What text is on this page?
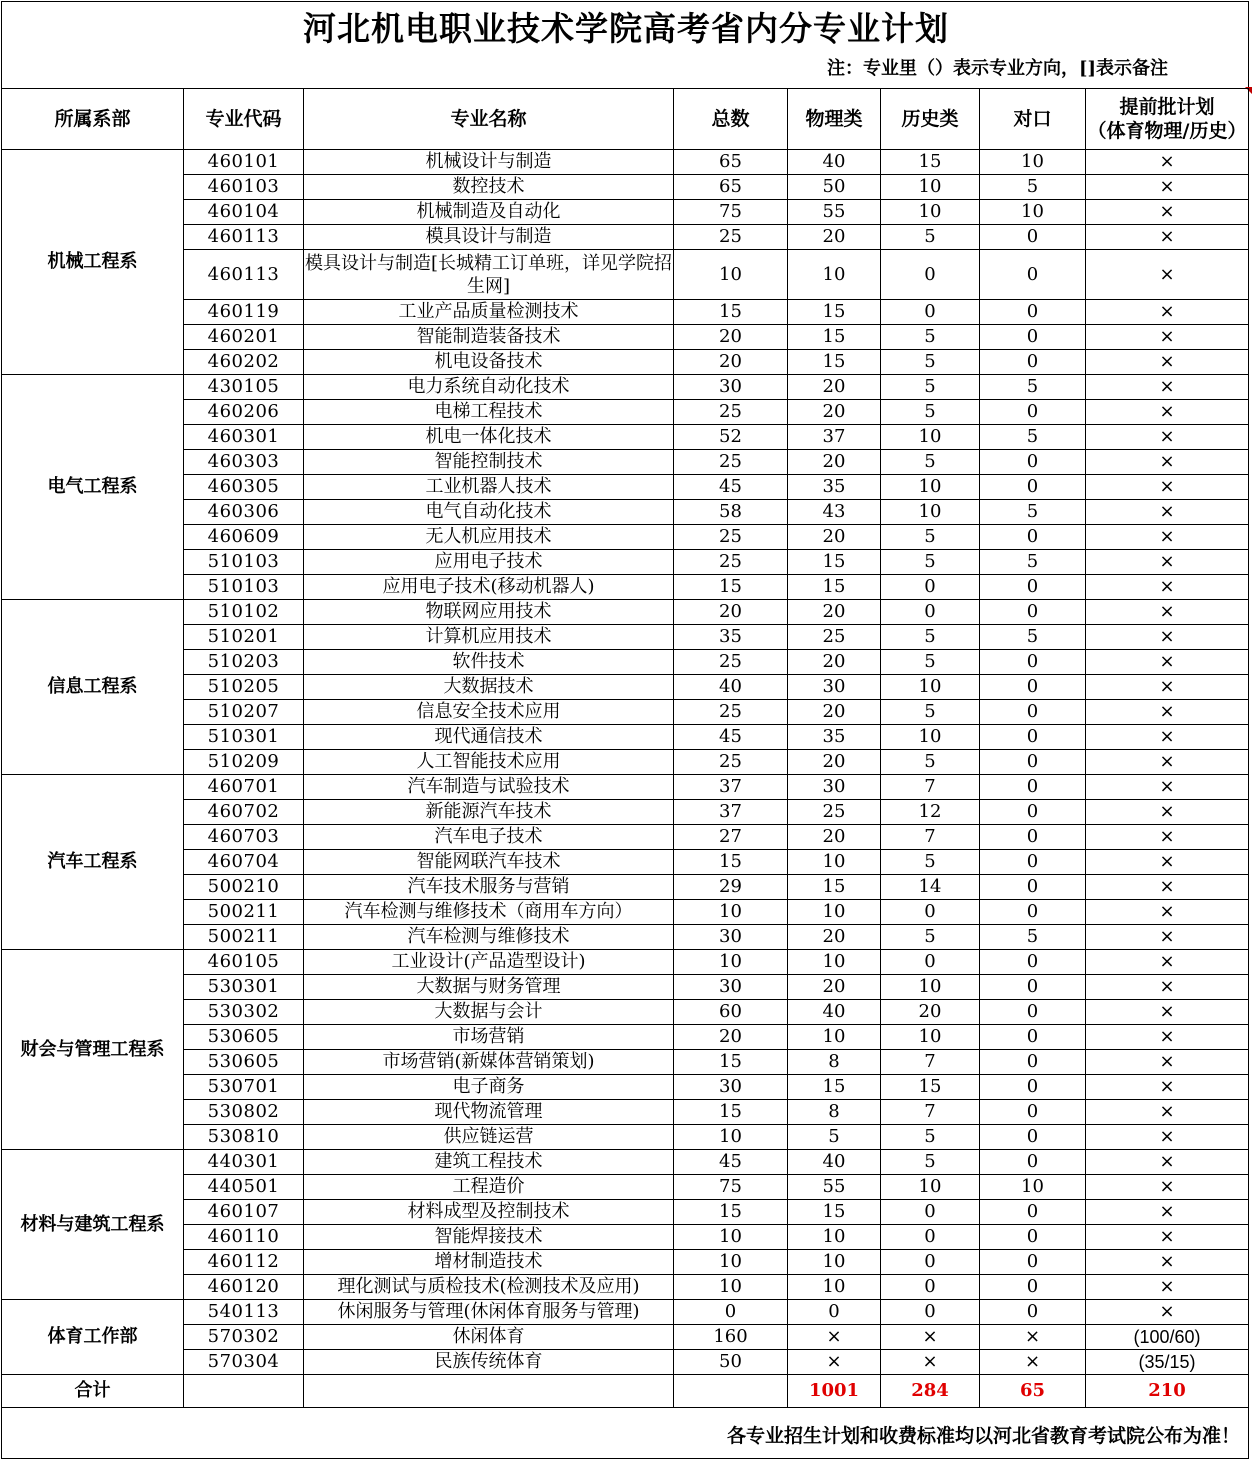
河北机电职业技术学院高考省内分专业计划
注：专业里（）表示专业方向，[]表示备注
所属系部	专业代码	专业名称	总数	物理类	历史类	对口	提前批计划
（体育物理/历史）

机械工程系	460101	机械设计与制造	65	40	15	10	×
	460103	数控技术	65	50	10	5	×
	460104	机械制造及自动化	75	55	10	10	×
	460113	模具设计与制造	25	20	5	0	×
	460113	模具设计与制造[长城精工订单班，详见学院招生网]	10	10	0	0	×
	460119	工业产品质量检测技术	15	15	0	0	×
	460201	智能制造装备技术	20	15	5	0	×
	460202	机电设备技术	20	15	5	0	×
电气工程系	430105	电力系统自动化技术	30	20	5	5	×
	460206	电梯工程技术	25	20	5	0	×
	460301	机电一体化技术	52	37	10	5	×
	460303	智能控制技术	25	20	5	0	×
	460305	工业机器人技术	45	35	10	0	×
	460306	电气自动化技术	58	43	10	5	×
	460609	无人机应用技术	25	20	5	0	×
	510103	应用电子技术	25	15	5	5	×
	510103	应用电子技术(移动机器人)	15	15	0	0	×
信息工程系	510102	物联网应用技术	20	20	0	0	×
	510201	计算机应用技术	35	25	5	5	×
	510203	软件技术	25	20	5	0	×
	510205	大数据技术	40	30	10	0	×
	510207	信息安全技术应用	25	20	5	0	×
	510301	现代通信技术	45	35	10	0	×
	510209	人工智能技术应用	25	20	5	0	×
汽车工程系	460701	汽车制造与试验技术	37	30	7	0	×
	460702	新能源汽车技术	37	25	12	0	×
	460703	汽车电子技术	27	20	7	0	×
	460704	智能网联汽车技术	15	10	5	0	×
	500210	汽车技术服务与营销	29	15	14	0	×
	500211	汽车检测与维修技术（商用车方向）	10	10	0	0	×
	500211	汽车检测与维修技术	30	20	5	5	×
财会与管理工程系	460105	工业设计(产品造型设计)	10	10	0	0	×
	530301	大数据与财务管理	30	20	10	0	×
	530302	大数据与会计	60	40	20	0	×
	530605	市场营销	20	10	10	0	×
	530605	市场营销(新媒体营销策划)	15	8	7	0	×
	530701	电子商务	30	15	15	0	×
	530802	现代物流管理	15	8	7	0	×
	530810	供应链运营	10	5	5	0	×
材料与建筑工程系	440301	建筑工程技术	45	40	5	0	×
	440501	工程造价	75	55	10	10	×
	460107	材料成型及控制技术	15	15	0	0	×
	460110	智能焊接技术	10	10	0	0	×
	460112	增材制造技术	10	10	0	0	×
	460120	理化测试与质检技术(检测技术及应用)	10	10	0	0	×
体育工作部	540113	休闲服务与管理(休闲体育服务与管理)	0	0	0	0	×
	570302	休闲体育	160	×	×	×	(100/60)
	570304	民族传统体育	50	×	×	×	(35/15)
合计				1001	284	65	210
各专业招生计划和收费标准均以河北省教育考试院公布为准！
